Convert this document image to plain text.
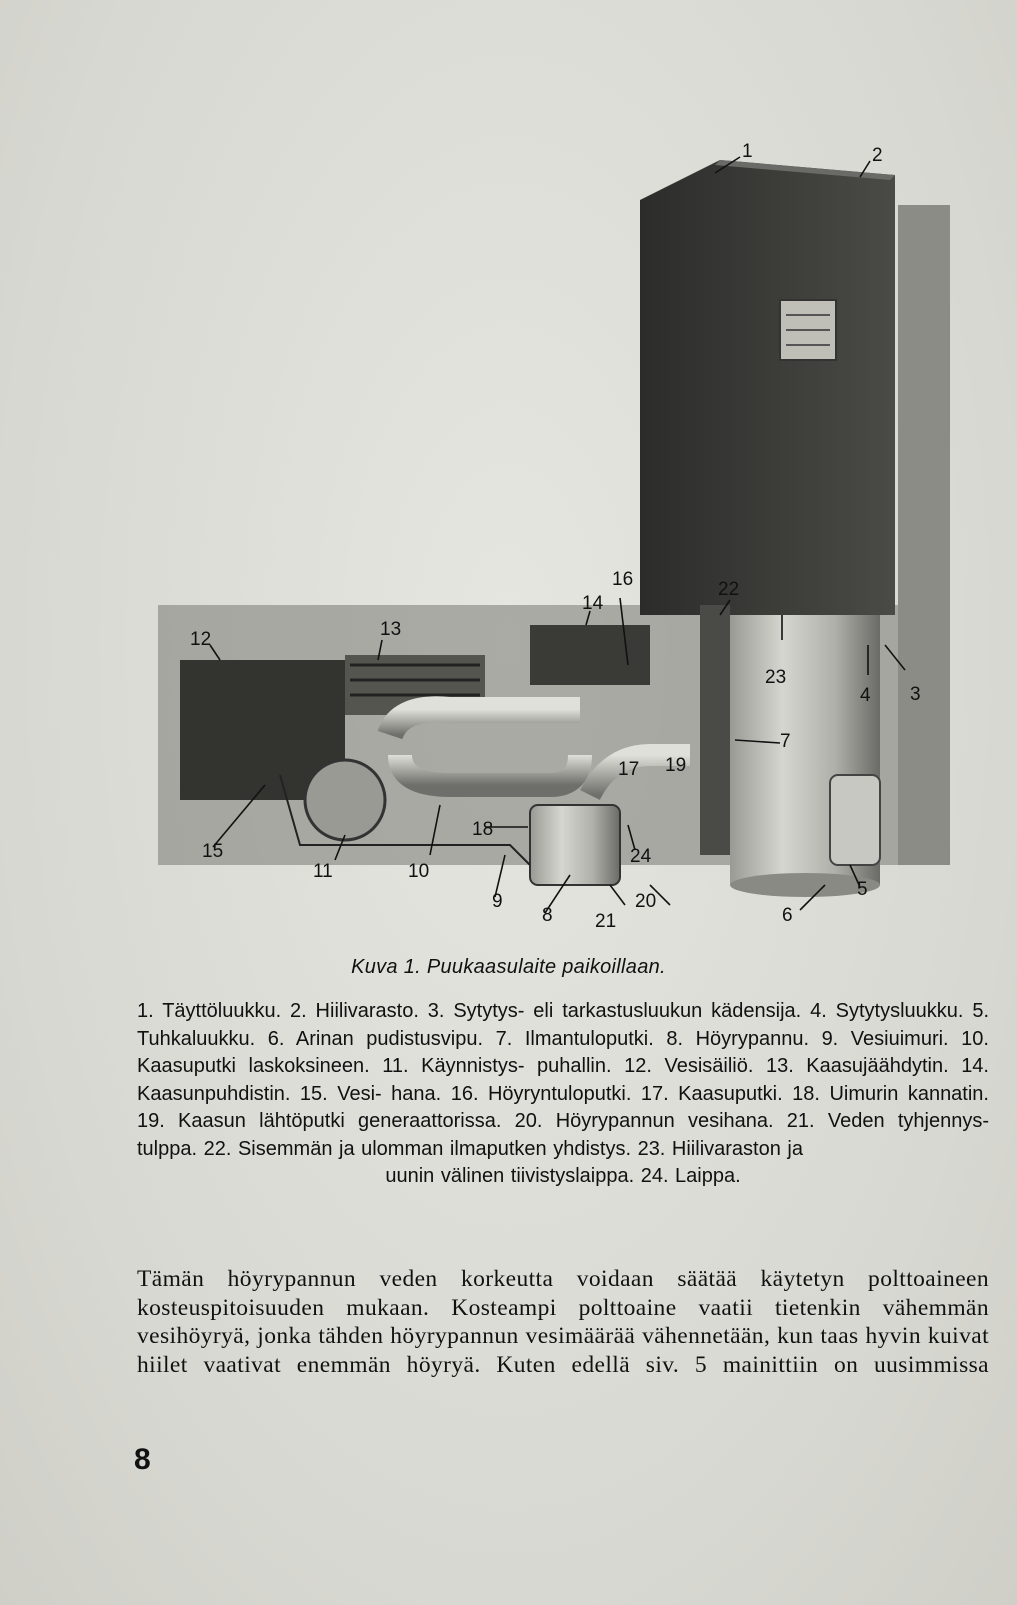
1	2
3
4
5
6
7
8
9
10
11
12	13
14
16
15
17
18
19
20
21
22
23
24
Kuva 1. Puukaasulaite paikoillaan.
1. Täyttöluukku. 2. Hiilivarasto. 3. Sytytys- eli tarkastusluukun kädensija. 4. Sytytysluukku. 5. Tuhkaluukku. 6. Arinan pudistusvipu. 7. Ilmantuloputki. 8. Höyrypannu. 9. Vesiuimuri. 10. Kaasuputki laskoksineen. 11. Käynnistys- puhallin. 12. Vesisäiliö. 13. Kaasujäähdytin. 14. Kaasunpuhdistin. 15. Vesi- hana. 16. Höyryntuloputki. 17. Kaasuputki. 18. Uimurin kannatin. 19. Kaasun lähtöputki generaattorissa. 20. Höyrypannun vesihana. 21. Veden tyhjennys- tulppa. 22. Sisemmän ja ulomman ilmaputken yhdistys. 23. Hiilivaraston ja
uunin välinen tiivistyslaippa. 24. Laippa.
Tämän höyrypannun veden korkeutta voidaan säätää käytetyn polttoaineen kosteuspitoisuuden mukaan. Kosteampi polttoaine vaatii tietenkin vähemmän vesihöyryä, jonka tähden höyrypannun vesimäärää vähennetään, kun taas hyvin kuivat hiilet vaativat enemmän höyryä. Kuten edellä siv. 5 mainittiin on uusimmissa
8
